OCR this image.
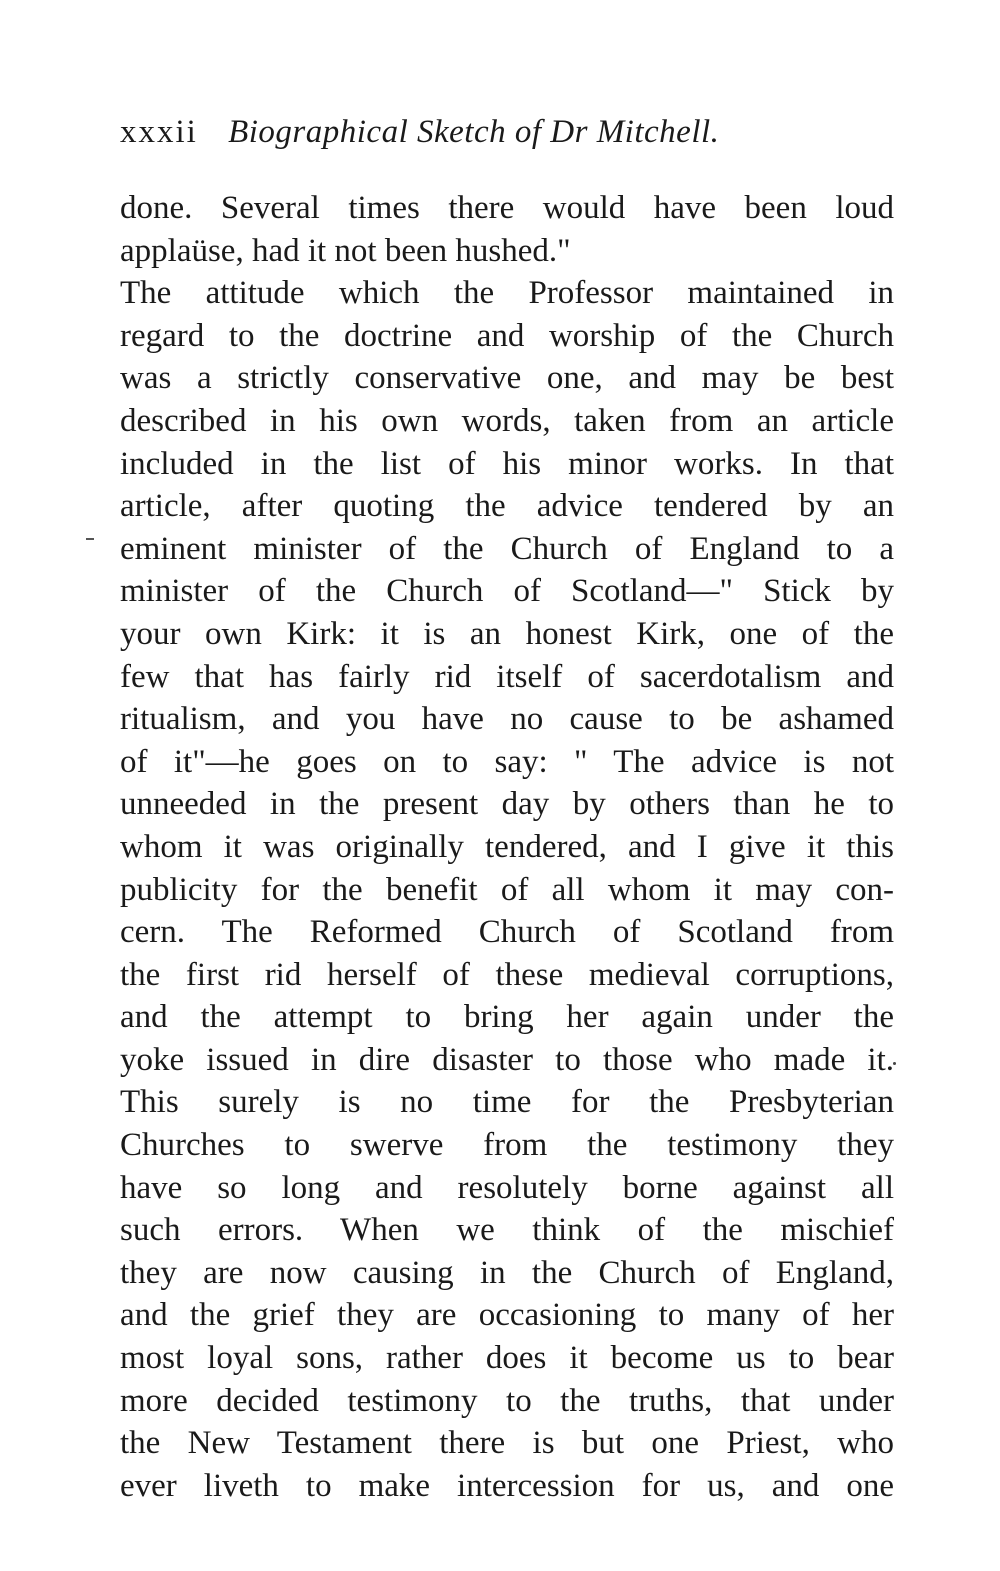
xxxii Biographical Sketch of Dr Mitchell.
done. Several times there would have been loud
applaüse, had it not been hushed."
The attitude which the Professor maintained in
regard to the doctrine and worship of the Church
was a strictly conservative one, and may be best
described in his own words, taken from an article
included in the list of his minor works. In that
article, after quoting the advice tendered by an
eminent minister of the Church of England to a
minister of the Church of Scotland—" Stick by
your own Kirk: it is an honest Kirk, one of the
few that has fairly rid itself of sacerdotalism and
ritualism, and you have no cause to be ashamed
of it"—he goes on to say: " The advice is not
unneeded in the present day by others than he to
whom it was originally tendered, and I give it this
publicity for the benefit of all whom it may con-
cern. The Reformed Church of Scotland from
the first rid herself of these medieval corruptions,
and the attempt to bring her again under the
yoke issued in dire disaster to those who made it.
This surely is no time for the Presbyterian
Churches to swerve from the testimony they
have so long and resolutely borne against all
such errors. When we think of the mischief
they are now causing in the Church of England,
and the grief they are occasioning to many of her
most loyal sons, rather does it become us to bear
more decided testimony to the truths, that under
the New Testament there is but one Priest, who
ever liveth to make intercession for us, and one
